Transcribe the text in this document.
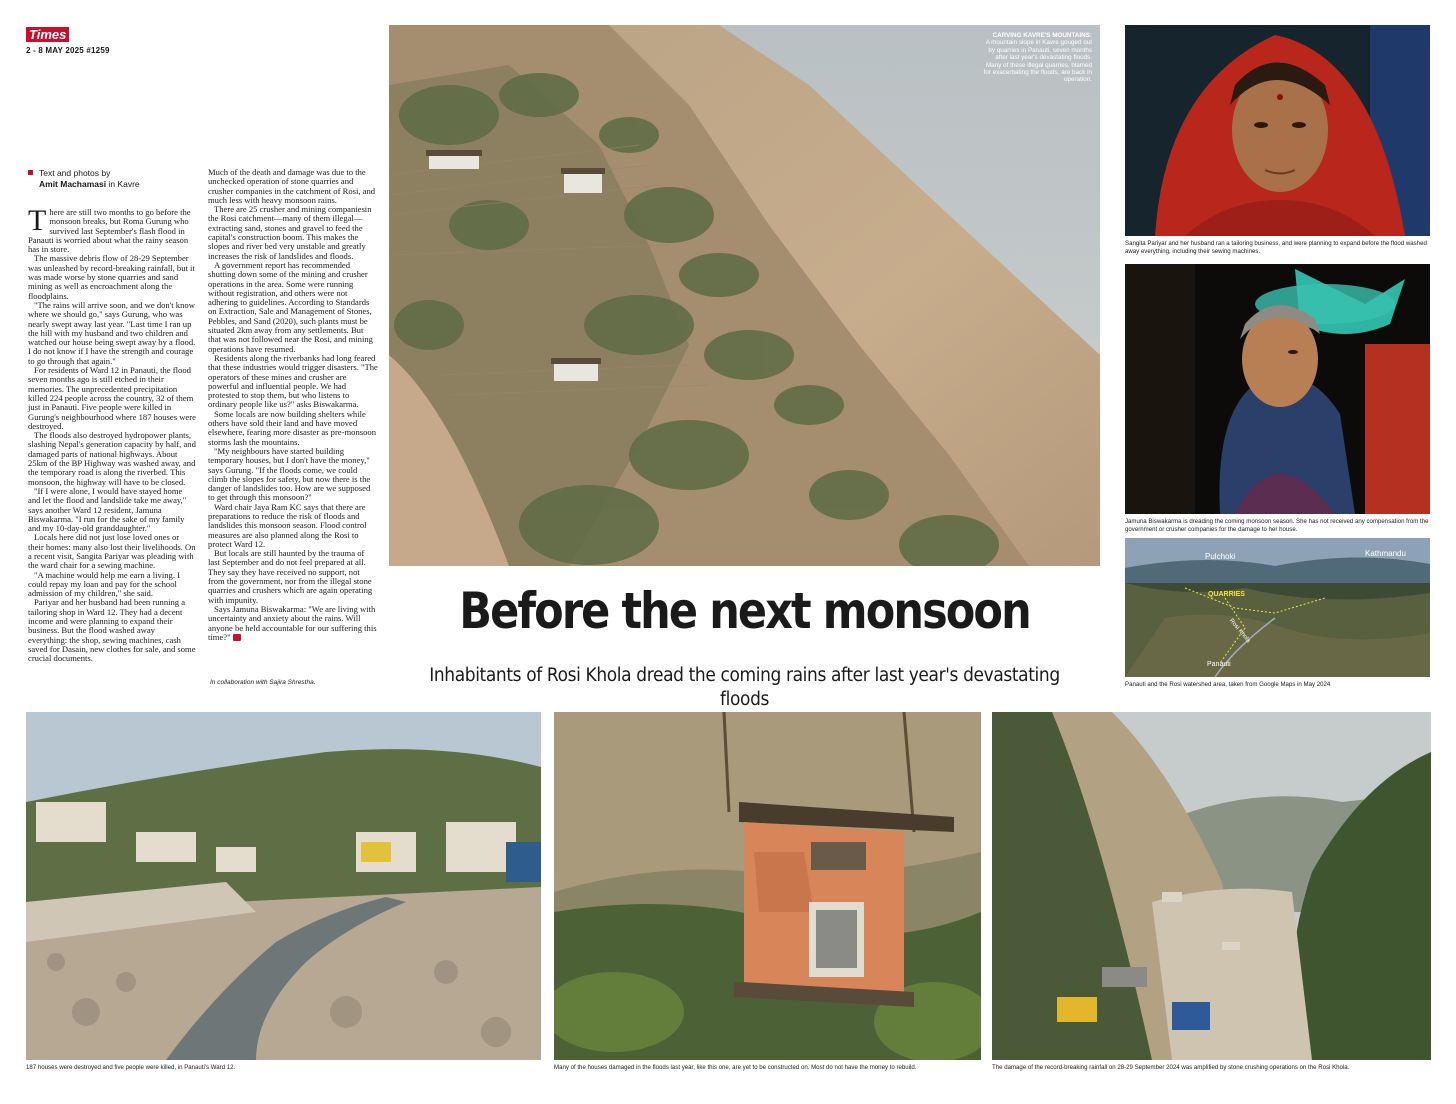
Times
2 - 8 MAY 2025 #1259
Text and photos by
Amit Machamasi in Kavre

There are still two months to go before the monsoon breaks, but Roma Gurung who survived last September's flash flood in Panauti is worried about what the rainy season has in store.

The massive debris flow of 28-29 September was unleashed by record-breaking rainfall, but it was made worse by stone quarries and sand mining as well as encroachment along the floodplains.

"The rains will arrive soon, and we don't know where we should go," says Gurung, who was nearly swept away last year. "Last time I ran up the hill with my husband and two children and watched our house being swept away by a flood. I do not know if I have the strength and courage to go through that again."

For residents of Ward 12 in Panauti, the flood seven months ago is still etched in their memories. The unprecedented precipitation killed 224 people across the country, 32 of them just in Panauti. Five people were killed in Gurung's neighbourhood where 187 houses were destroyed.

The floods also destroyed hydropower plants, slashing Nepal's generation capacity by half, and damaged parts of national highways. About 25km of the BP Highway was washed away, and the temporary road is along the riverbed. This monsoon, the highway will have to be closed.

"If I were alone, I would have stayed home and let the flood and landslide take me away," says another Ward 12 resident, Jamuna Biswakarma. "I run for the sake of my family and my 10-day-old granddaughter."

Locals here did not just lose loved ones or their homes: many also lost their livelihoods. On a recent visit, Sangita Pariyar was pleading with the ward chair for a sewing machine.

"A machine would help me earn a living. I could repay my loan and pay for the school admission of my children," she said.

Pariyar and her husband had been running a tailoring shop in Ward 12. They had a decent income and were planning to expand their business. But the flood washed away everything: the shop, sewing machines, cash saved for Dasain, new clothes for sale, and some crucial documents.

Much of the death and damage was due to the unchecked operation of stone quarries and crusher companies in the catchment of Rosi, and much less with heavy monsoon rains.

There are 25 crusher and mining companiesin the Rosi catchment—many of them illegal—extracting sand, stones and gravel to feed the capital's construction boom. This makes the slopes and river bed very unstable and greatly increases the risk of landslides and floods.

A government report has recommended shutting down some of the mining and crusher operations in the area. Some were running without registration, and others were not adhering to guidelines. According to Standards on Extraction, Sale and Management of Stones, Pebbles, and Sand (2020), such plants must be situated 2km away from any settlements. But that was not followed near the Rosi, and mining operations have resumed.

Residents along the riverbanks had long feared that these industries would trigger disasters. "The operators of these mines and crusher are powerful and influential people. We had protested to stop them, but who listens to ordinary people like us?" asks Biswakarma.

Some locals are now building shelters while others have sold their land and have moved elsewhere, fearing more disaster as pre-monsoon storms lash the mountains.

"My neighbours have started building temporary houses, but I don't have the money," says Gurung. "If the floods come, we could climb the slopes for safety, but now there is the danger of landslides too. How are we supposed to get through this monsoon?"

Ward chair Jaya Ram KC says that there are preparations to reduce the risk of floods and landslides this monsoon season. Flood control measures are also planned along the Rosi to protect Ward 12.

But locals are still haunted by the trauma of last September and do not feel prepared at all. They say they have received no support, not from the government, nor from the illegal stone quarries and crushers which are again operating with impunity.

Says Jamuna Biswakarma: "We are living with uncertainty and anxiety about the rains. Will anyone be held accountable for our suffering this time?"

In collaboration with Sajira Shrestha.
CARVING KAVRE'S MOUNTAINS:
A mountain slope in Kavre gouged out by quarries in Panauti, seven months after last year's devastating floods. Many of these illegal quarries, blamed for exacerbating the floods, are back in operation.
Before the next monsoon
Inhabitants of Rosi Khola dread the coming rains after last year's devastating floods
Sangita Pariyar and her husband ran a tailoring business, and were planning to expand before the flood washed away everything, including their sewing machines.
Jamuna Biswakarma is dreading the coming monsoon season. She has not received any compensation from the government or crusher companies for the damage to her house.
Pulchoki	Kathmandu
QUARRIES
Rosi Khola
Panauti
Panauti and the Rosi watershed area, taken from Google Maps in May 2024
187 houses were destroyed and five people were killed, in Panauti's Ward 12.	Many of the houses damaged in the floods last year, like this one, are yet to be constructed on. Most do not have the money to rebuild.	The damage of the record-breaking rainfall on 28-29 September 2024 was amplified by stone crushing operations on the Rosi Khola.
